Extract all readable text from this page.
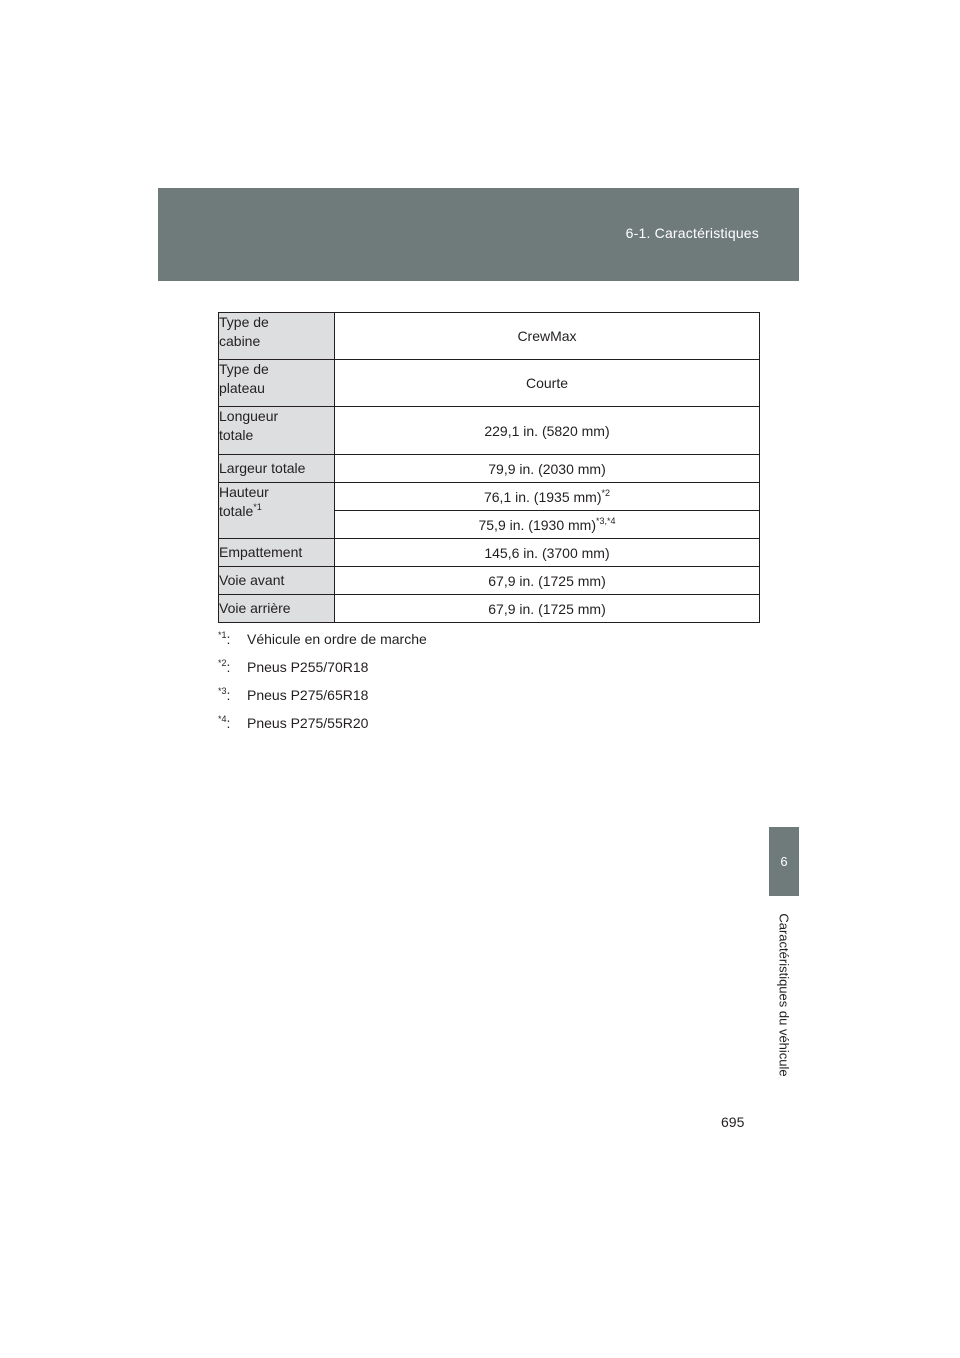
6-1. Caractéristiques
6
Caractéristiques du véhicule
Type de
cabine	CrewMax
Type de
plateau	Courte
Longueur
totale	229,1 in. (5820 mm)
Largeur totale	79,9 in. (2030 mm)
Hauteur
totale$^{*1}$	76,1 in. (1935 mm)$^{*2}$
	75,9 in. (1930 mm)$^{*3,*4}$
Empattement	145,6 in. (3700 mm)
Voie avant	67,9 in. (1725 mm)
Voie arrière	67,9 in. (1725 mm)
$^{*1}$: Véhicule en ordre de marche
$^{*2}$: Pneus P255/70R18
$^{*3}$: Pneus P275/65R18
$^{*4}$: Pneus P275/55R20
695
